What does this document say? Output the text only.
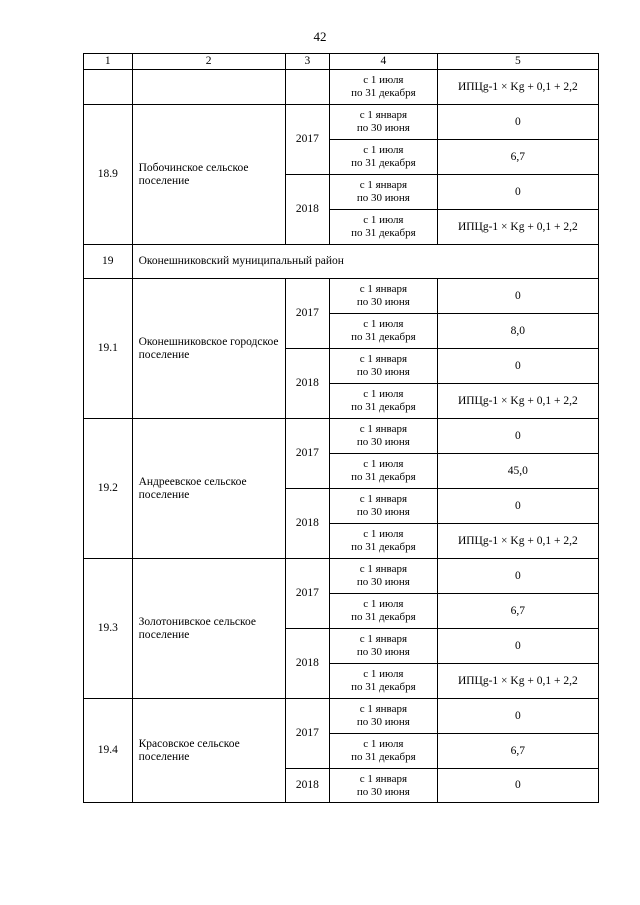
42
1	2	3	4	5
			с 1 июля
по 31 декабря	ИПЦg-1 × Kg + 0,1 + 2,2
18.9	Побочинское сельское поселение	2017	с 1 января
по 30 июня	0
			с 1 июля
по 31 декабря	6,7
		2018	с 1 января
по 30 июня	0
			с 1 июля
по 31 декабря	ИПЦg-1 × Kg + 0,1 + 2,2
19	Оконешниковский муниципальный район			
19.1	Оконешниковское городское поселение	2017	с 1 января
по 30 июня	0
			с 1 июля
по 31 декабря	8,0
		2018	с 1 января
по 30 июня	0
			с 1 июля
по 31 декабря	ИПЦg-1 × Kg + 0,1 + 2,2
19.2	Андреевское сельское поселение	2017	с 1 января
по 30 июня	0
			с 1 июля
по 31 декабря	45,0
		2018	с 1 января
по 30 июня	0
			с 1 июля
по 31 декабря	ИПЦg-1 × Kg + 0,1 + 2,2
19.3	Золотонивское сельское поселение	2017	с 1 января
по 30 июня	0
			с 1 июля
по 31 декабря	6,7
		2018	с 1 января
по 30 июня	0
			с 1 июля
по 31 декабря	ИПЦg-1 × Kg + 0,1 + 2,2
19.4	Красовское сельское поселение	2017	с 1 января
по 30 июня	0
			с 1 июля
по 31 декабря	6,7
		2018	с 1 января
по 30 июня	0
